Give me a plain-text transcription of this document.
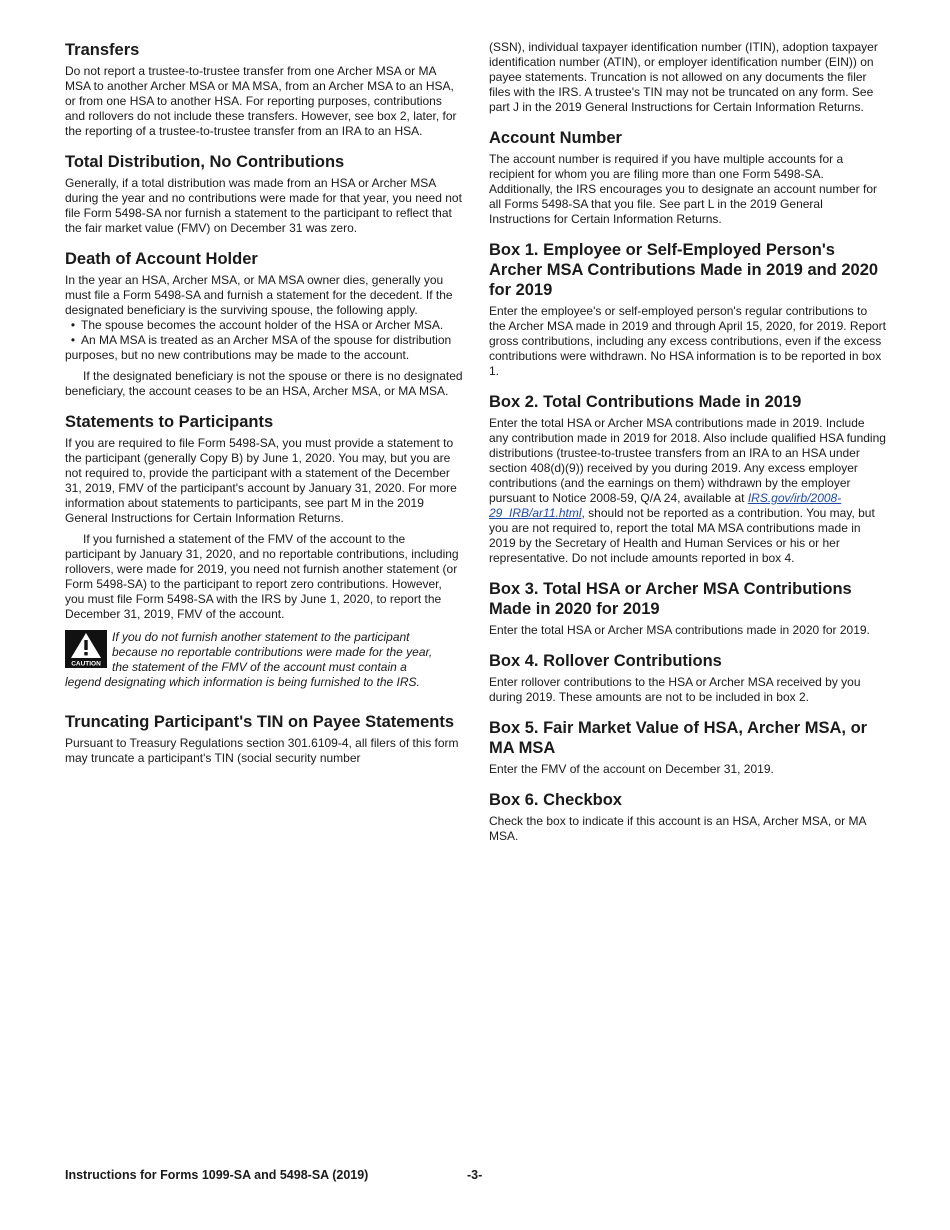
Transfers

Do not report a trustee-to-trustee transfer from one Archer MSA or MA MSA to another Archer MSA or MA MSA, from an Archer MSA to an HSA, or from one HSA to another HSA. For reporting purposes, contributions and rollovers do not include these transfers. However, see box 2, later, for the reporting of a trustee-to-trustee transfer from an IRA to an HSA.

Total Distribution, No Contributions

Generally, if a total distribution was made from an HSA or Archer MSA during the year and no contributions were made for that year, you need not file Form 5498-SA nor furnish a statement to the participant to reflect that the fair market value (FMV) on December 31 was zero.

Death of Account Holder

In the year an HSA, Archer MSA, or MA MSA owner dies, generally you must file a Form 5498-SA and furnish a statement for the decedent. If the designated beneficiary is the surviving spouse, the following apply.

• The spouse becomes the account holder of the HSA or Archer MSA.
• An MA MSA is treated as an Archer MSA of the spouse for distribution purposes, but no new contributions may be made to the account.

If the designated beneficiary is not the spouse or there is no designated beneficiary, the account ceases to be an HSA, Archer MSA, or MA MSA.

Statements to Participants

If you are required to file Form 5498-SA, you must provide a statement to the participant (generally Copy B) by June 1, 2020. You may, but you are not required to, provide the participant with a statement of the December 31, 2019, FMV of the participant's account by January 31, 2020. For more information about statements to participants, see part M in the 2019 General Instructions for Certain Information Returns.

If you furnished a statement of the FMV of the account to the participant by January 31, 2020, and no reportable contributions, including rollovers, were made for 2019, you need not furnish another statement (or Form 5498-SA) to the participant to report zero contributions. However, you must file Form 5498-SA with the IRS by June 1, 2020, to report the December 31, 2019, FMV of the account.

CAUTION
If you do not furnish another statement to the participant
because no reportable contributions were made for the year,
the statement of the FMV of the account must contain a
legend designating which information is being furnished to the IRS.
Truncating Participant's TIN on Payee Statements

Pursuant to Treasury Regulations section 301.6109-4, all filers of this form may truncate a participant's TIN (social security number

(SSN), individual taxpayer identification number (ITIN), adoption taxpayer identification number (ATIN), or employer identification number (EIN)) on payee statements. Truncation is not allowed on any documents the filer files with the IRS. A trustee's TIN may not be truncated on any form. See part J in the 2019 General Instructions for Certain Information Returns.

Account Number

The account number is required if you have multiple accounts for a recipient for whom you are filing more than one Form 5498-SA. Additionally, the IRS encourages you to designate an account number for all Forms 5498-SA that you file. See part L in the 2019 General Instructions for Certain Information Returns.

Box 1. Employee or Self-Employed Person's Archer MSA Contributions Made in 2019 and 2020 for 2019

Enter the employee's or self-employed person's regular contributions to the Archer MSA made in 2019 and through April 15, 2020, for 2019. Report gross contributions, including any excess contributions, even if the excess contributions were withdrawn. No HSA information is to be reported in box 1.

Box 2. Total Contributions Made in 2019

Enter the total HSA or Archer MSA contributions made in 2019. Include any contribution made in 2019 for 2018. Also include qualified HSA funding distributions (trustee-to-trustee transfers from an IRA to an HSA under section 408(d)(9)) received by you during 2019. Any excess employer contributions (and the earnings on them) withdrawn by the employer pursuant to Notice 2008-59, Q/A 24, available at IRS.gov/irb/2008-29_IRB/ar11.html, should not be reported as a contribution. You may, but you are not required to, report the total MA MSA contributions made in 2019 by the Secretary of Health and Human Services or his or her representative. Do not include amounts reported in box 4.

Box 3. Total HSA or Archer MSA Contributions Made in 2020 for 2019

Enter the total HSA or Archer MSA contributions made in 2020 for 2019.

Box 4. Rollover Contributions

Enter rollover contributions to the HSA or Archer MSA received by you during 2019. These amounts are not to be included in box 2.

Box 5. Fair Market Value of HSA, Archer MSA, or MA MSA

Enter the FMV of the account on December 31, 2019.

Box 6. Checkbox

Check the box to indicate if this account is an HSA, Archer MSA, or MA MSA.

Instructions for Forms 1099-SA and 5498-SA (2019)	-3-
